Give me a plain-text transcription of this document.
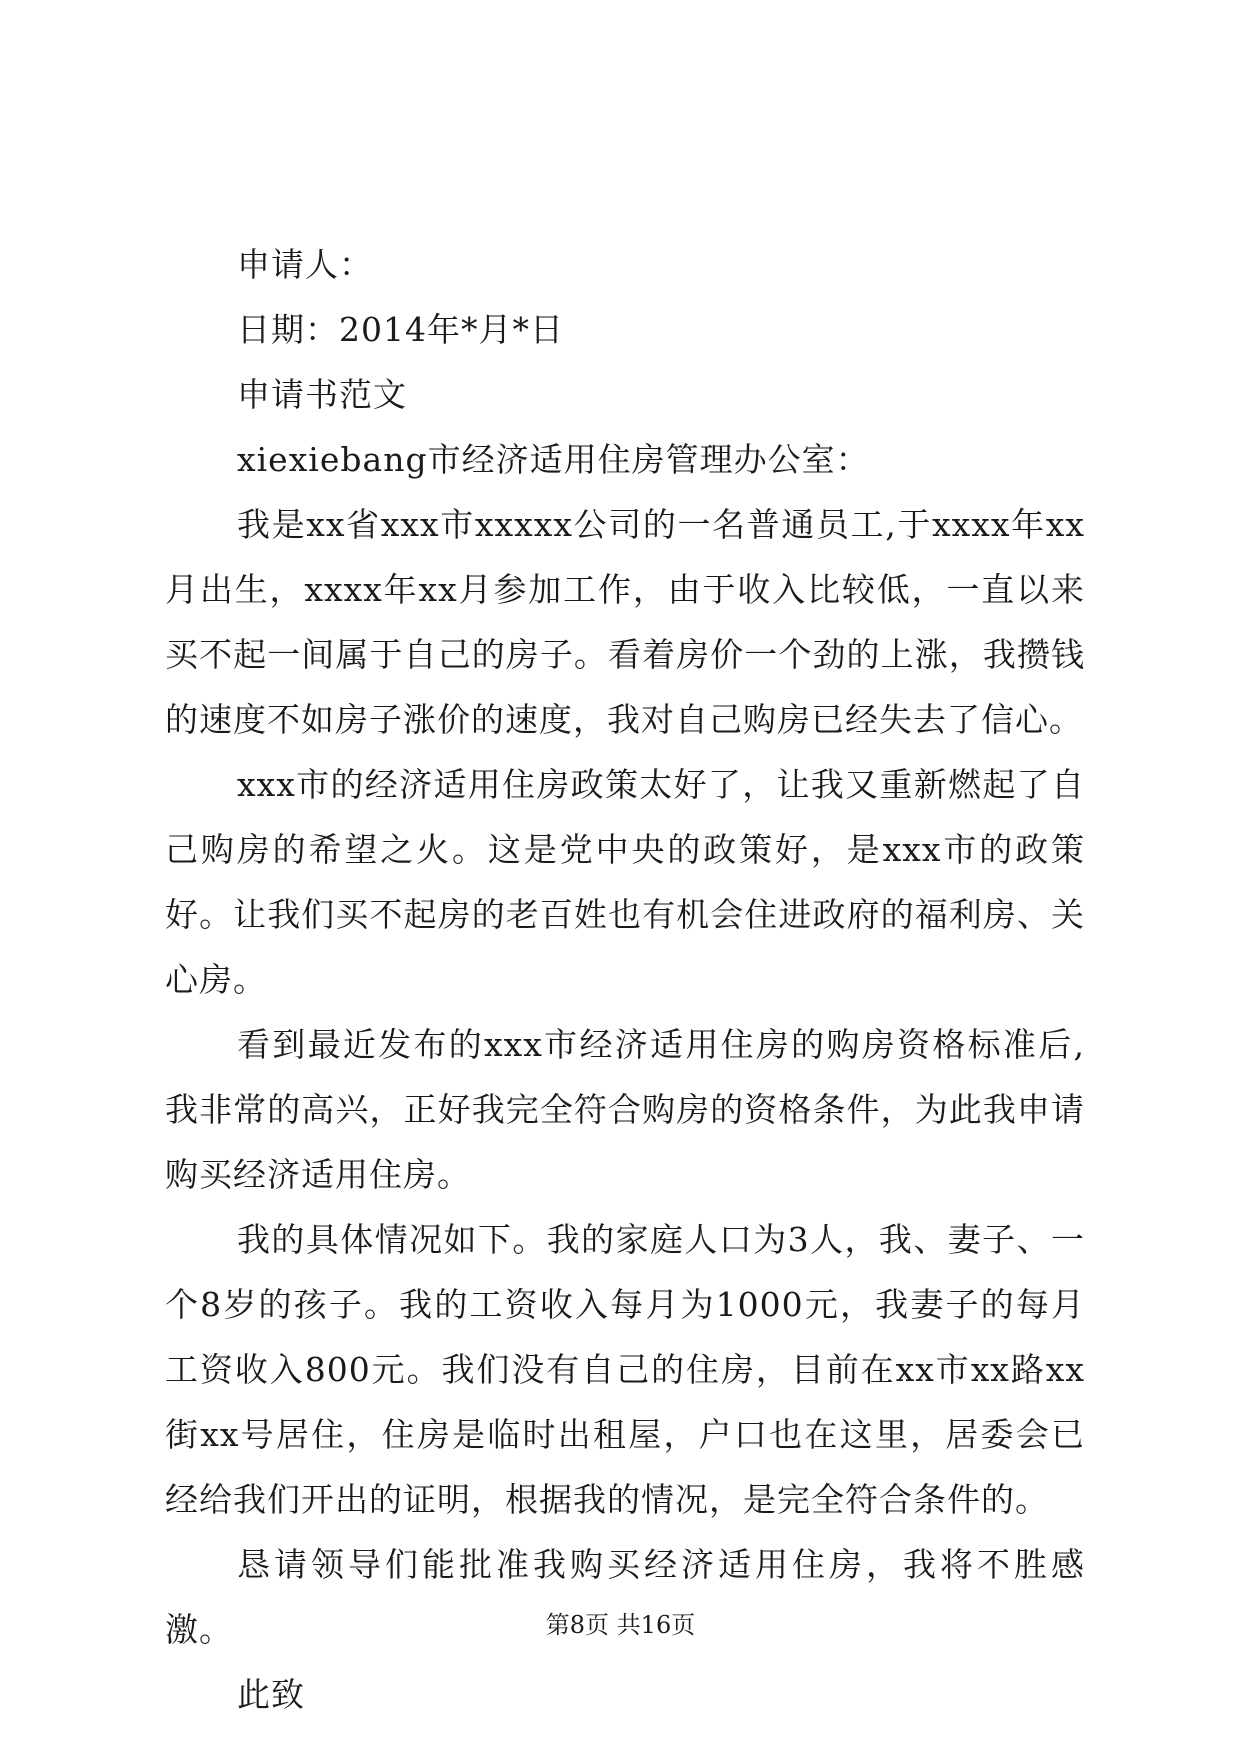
申请人：
日期：2014年*月*日
申请书范文
xiexiebang市经济适用住房管理办公室：

我是xx省xxx市xxxxx公司的一名普通员工,于xxxx年xx月出生，xxxx年xx月参加工作，由于收入比较低，一直以来买不起一间属于自己的房子。看着房价一个劲的上涨，我攒钱的速度不如房子涨价的速度，我对自己购房已经失去了信心。

xxx市的经济适用住房政策太好了，让我又重新燃起了自己购房的希望之火。这是党中央的政策好，是xxx市的政策好。让我们买不起房的老百姓也有机会住进政府的福利房、关心房。

看到最近发布的xxx市经济适用住房的购房资格标准后,我非常的高兴，正好我完全符合购房的资格条件，为此我申请购买经济适用住房。

我的具体情况如下。我的家庭人口为3人，我、妻子、一个8岁的孩子。我的工资收入每月为1000元，我妻子的每月工资收入800元。我们没有自己的住房，目前在xx市xx路xx街xx号居住，住房是临时出租屋，户口也在这里，居委会已经给我们开出的证明，根据我的情况，是完全符合条件的。

恳请领导们能批准我购买经济适用住房，我将不胜感激。

此致
第8页 共16页
